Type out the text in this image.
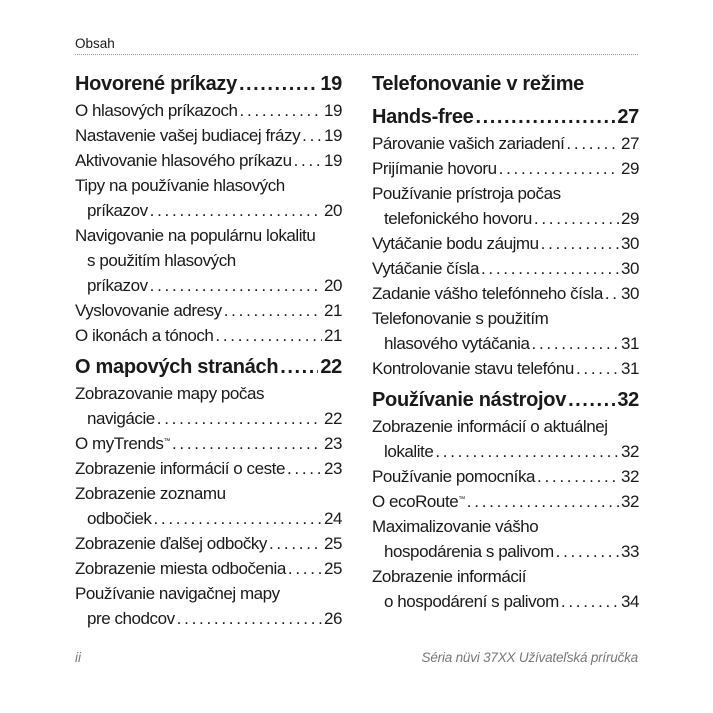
Obsah
Hovorené príkazy . . .	19
O hlasových príkazoch . . .	19
Nastavenie vašej budiacej frázy . . . 19
Aktivovanie hlasového príkazu . . . 19
Tipy na používanie hlasových
príkazov . . .	20
Navigovanie na populárnu lokalitu
s použitím hlasových
príkazov . . .	20
Vyslovovanie adresy . . .	21
O ikonách a tónoch . . .	21
O mapových stranách . . . 22
Zobrazovanie mapy počas
navigácie . . .	22
O myTrends™ . . .	23
Zobrazenie informácií o ceste . . . 23
Zobrazenie zoznamu
odbočiek . . .	24
Zobrazenie ďalšej odbočky . . .	25
Zobrazenie miesta odbočenia . . . 25
Používanie navigačnej mapy
pre chodcov . . .	26
Telefonovanie v režime
Hands-free . . .	27
Párovanie vašich zariadení . . .	27
Prijímanie hovoru . . .	29
Používanie prístroja počas
telefonického hovoru . . .	29
Vytáčanie bodu záujmu . . .	30
Vytáčanie čísla . . .	30
Zadanie vášho telefónneho čísla . . . 30
Telefonovanie s použitím
hlasového vytáčania . . .	31
Kontrolovanie stavu telefónu . . .	31
Používanie nástrojov . . .	32
Zobrazenie informácií o aktuálnej
lokalite . . .	32
Používanie pomocníka . . .	32
O ecoRoute™ . . .	32
Maximalizovanie vášho
hospodárenia s palivom . . .	33
Zobrazenie informácií
o hospodárení s palivom . . .	34
ii	Séria nüvi 37XX Užívateľská príručka
